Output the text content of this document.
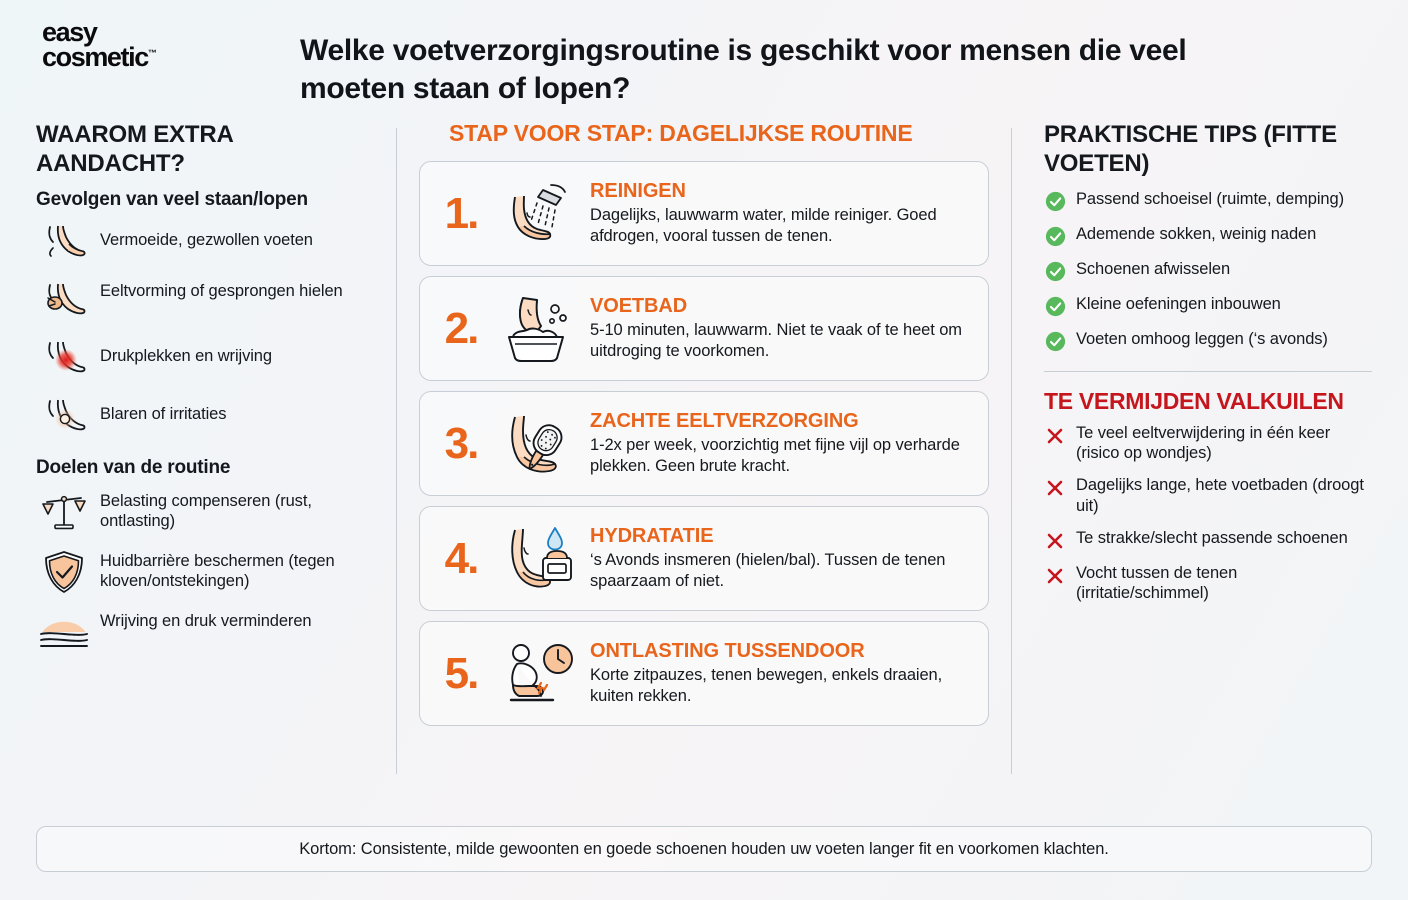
easy
cosmetic™	Welke voetverzorgingsroutine is geschikt voor mensen die veel moeten staan of lopen?
WAAROM EXTRA AANDACHT?
Gevolgen van veel staan/lopen
Vermoeide, gezwollen voeten
Eeltvorming of gesprongen hielen
Drukplekken en wrijving
Blaren of irritaties
Doelen van de routine
Belasting compenseren (rust, ontlasting)
Huidbarrière beschermen (tegen kloven/ontstekingen)
Wrijving en druk verminderen
STAP VOOR STAP: DAGELIJKSE ROUTINE
1.	REINIGEN
Dagelijks, lauwwarm water, milde reiniger. Goed afdrogen, vooral tussen de tenen.
2.	VOETBAD
5-10 minuten, lauwwarm. Niet te vaak of te heet om uitdroging te voorkomen.
3.	ZACHTE EELTVERZORGING
1-2x per week, voorzichtig met fijne vijl op verharde plekken. Geen brute kracht.
4.	HYDRATATIE
‘s Avonds insmeren (hielen/bal). Tussen de tenen spaarzaam of niet.
5.	ONTLASTING TUSSENDOOR
Korte zitpauzes, tenen bewegen, enkels draaien, kuiten rekken.
PRAKTISCHE TIPS (FITTE VOETEN)
Passend schoeisel (ruimte, demping)
Ademende sokken, weinig naden
Schoenen afwisselen
Kleine oefeningen inbouwen
Voeten omhoog leggen (‘s avonds)
TE VERMIJDEN VALKUILEN
Te veel eeltverwijdering in één keer (risico op wondjes)
Dagelijks lange, hete voetbaden (droogt uit)
Te strakke/slecht passende schoenen
Vocht tussen de tenen (irritatie/schimmel)
Kortom: Consistente, milde gewoonten en goede schoenen houden uw voeten langer fit en voorkomen klachten.
